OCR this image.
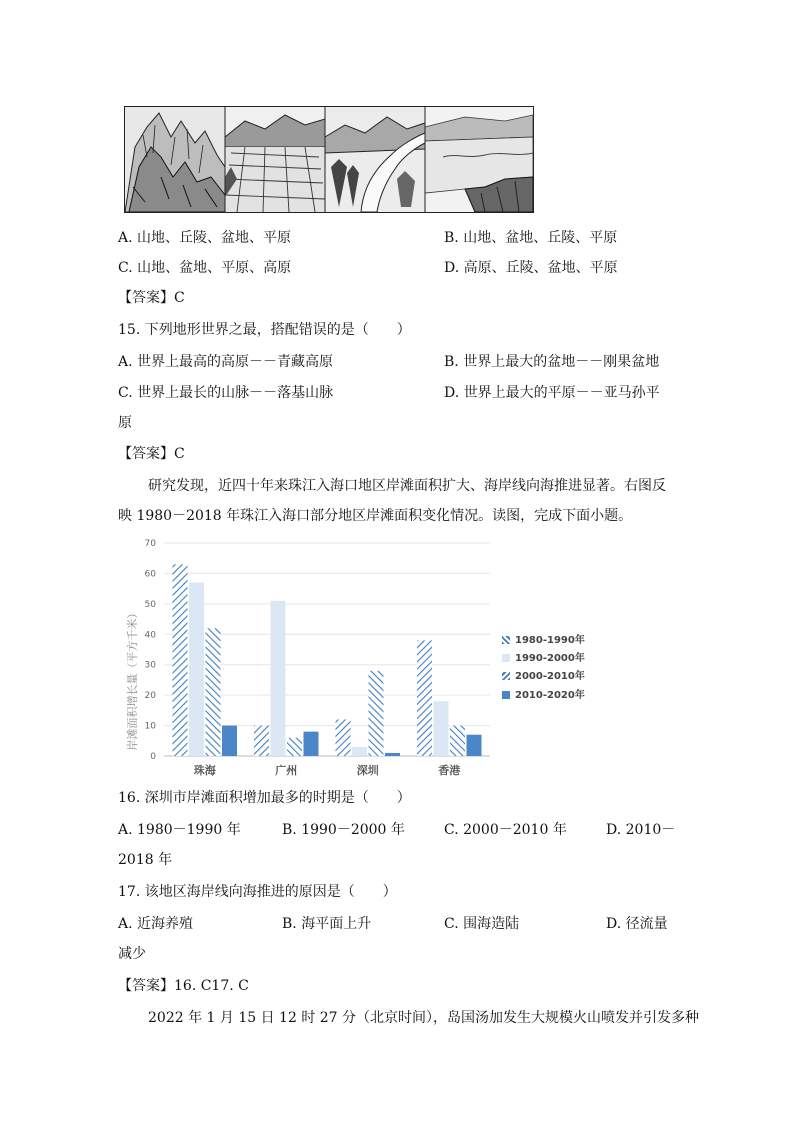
A. 山地、丘陵、盆地、平原	B. 山地、盆地、丘陵、平原
C. 山地、盆地、平原、高原	D. 高原、丘陵、盆地、平原
【答案】C
15. 下列地形世界之最，搭配错误的是（　　）
A. 世界上最高的高原－－青藏高原	B. 世界上最大的盆地－－刚果盆地
C. 世界上最长的山脉－－落基山脉	D. 世界上最大的平原－－亚马孙平
原
【答案】C
研究发现，近四十年来珠江入海口地区岸滩面积扩大、海岸线向海推进显著。右图反
映 1980－2018 年珠江入海口部分地区岸滩面积变化情况。读图，完成下面小题。
0
10
20
30
40
50
60
70
珠海	广州	深圳	香港
岸滩面积增长量（平方千米）	1980-1990年
1990-2000年
2000-2010年
2010-2020年
16. 深圳市岸滩面积增加最多的时期是（　　）
A. 1980－1990 年	B. 1990－2000 年	C. 2000－2010 年	D. 2010－
2018 年
17. 该地区海岸线向海推进的原因是（　　）
A. 近海养殖	B. 海平面上升	C. 围海造陆	D. 径流量
减少
【答案】16. C17. C
2022 年 1 月 15 日 12 时 27 分（北京时间），岛国汤加发生大规模火山喷发并引发多种
